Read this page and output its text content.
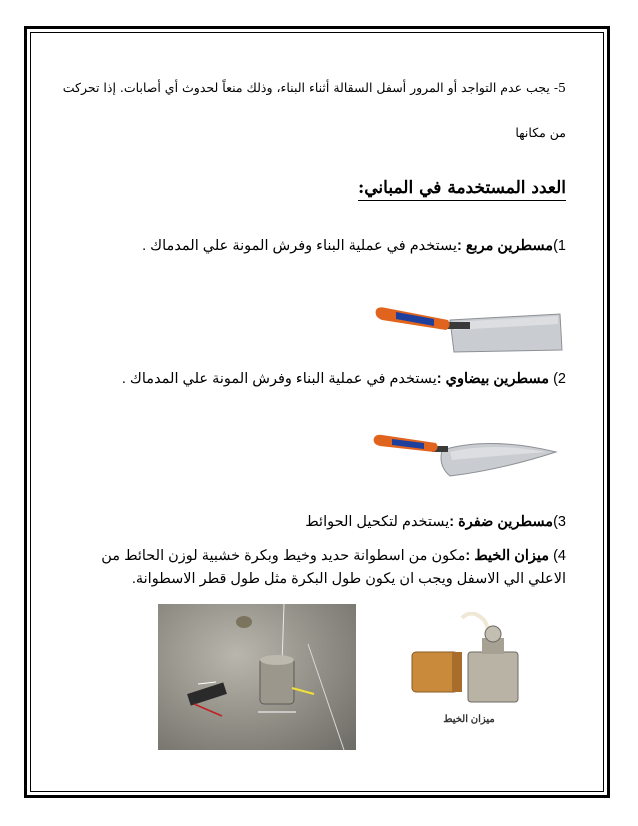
5- يجب عدم التواجد أو المرور أسفل السقالة أثناء البناء، وذلك منعاً لحدوث أي أصابات. إذا تحركت
من مكانها
العدد المستخدمة في المباني:
1)مسطرين مربع :يستخدم في عملية البناء وفرش المونة علي المدماك .
2) مسطرين بيضاوي :يستخدم في عملية البناء وفرش المونة علي المدماك .
3)مسطرين ضفرة :يستخدم لتكحيل الحوائط
4) ميزان الخيط :مكون من اسطوانة حديد وخيط وبكرة خشبية لوزن الحائط من
الاعلي الي الاسفل ويجب ان يكون طول البكرة مثل طول قطر الاسطوانة.
ميزان الخيط
